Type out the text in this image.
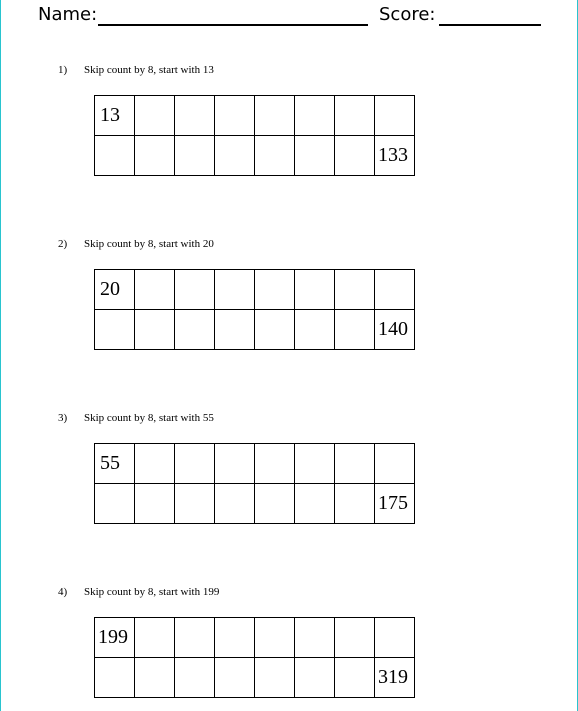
Name:	Score:
1) Skip count by 8, start with 13
13							
							133
2) Skip count by 8, start with 20
20							
							140
3) Skip count by 8, start with 55
55							
							175
4) Skip count by 8, start with 199
199							
							319
